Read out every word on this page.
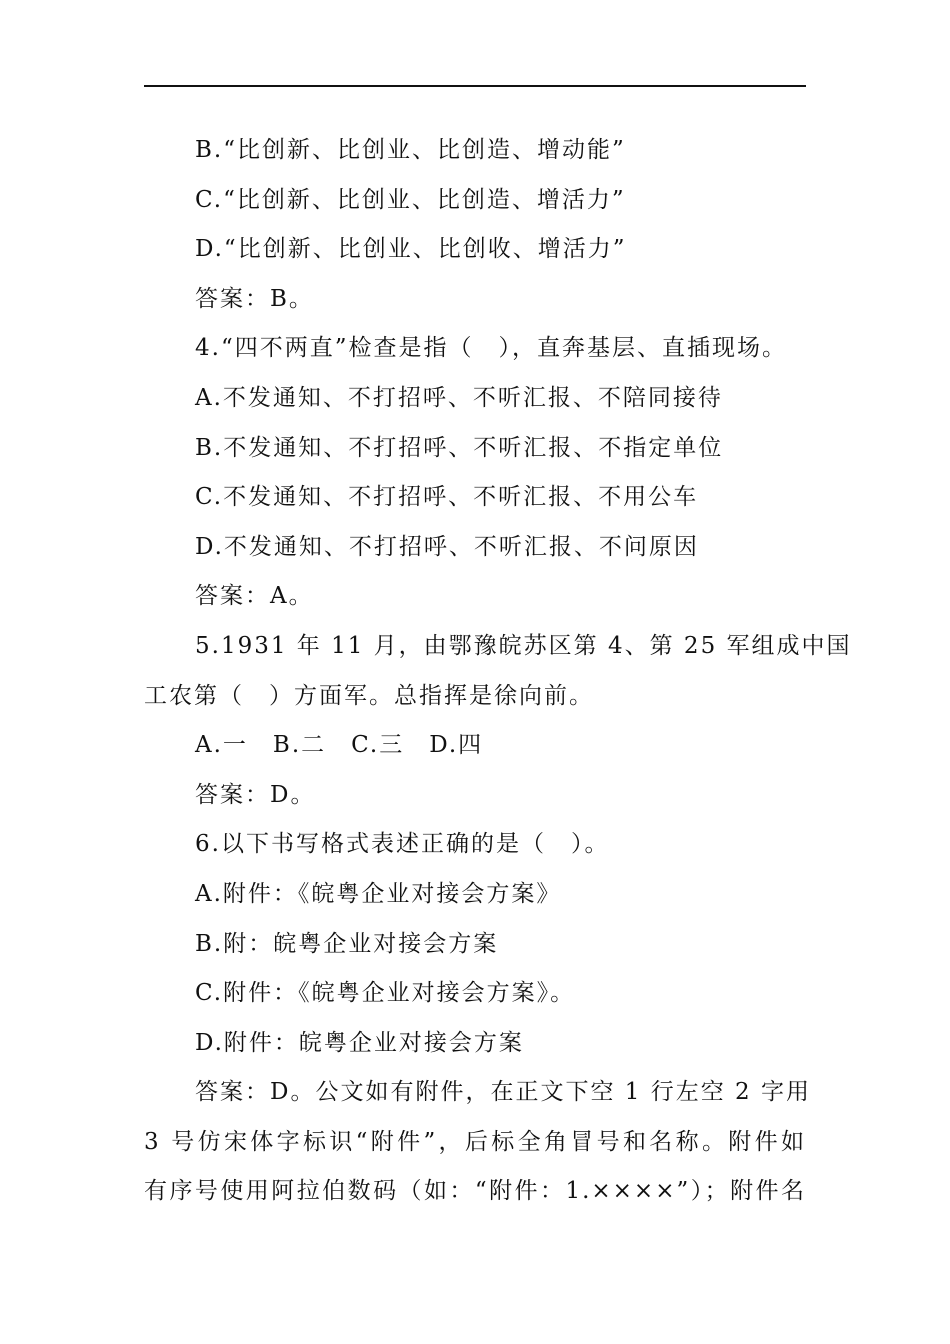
B.“比创新、比创业、比创造、增动能”

C.“比创新、比创业、比创造、增活力”

D.“比创新、比创业、比创收、增活力”

答案：B。

4.“四不两直”检查是指（　），直奔基层、直插现场。

A.不发通知、不打招呼、不听汇报、不陪同接待

B.不发通知、不打招呼、不听汇报、不指定单位

C.不发通知、不打招呼、不听汇报、不用公车

D.不发通知、不打招呼、不听汇报、不问原因

答案：A。

5.1931 年 11 月，由鄂豫皖苏区第 4、第 25 军组成中国

工农第（　）方面军。总指挥是徐向前。

A.一　B.二　C.三　D.四

答案：D。

6.以下书写格式表述正确的是（　）。

A.附件：《皖粤企业对接会方案》

B.附：皖粤企业对接会方案

C.附件：《皖粤企业对接会方案》。

D.附件：皖粤企业对接会方案

答案：D。公文如有附件，在正文下空 1 行左空 2 字用

3 号仿宋体字标识“附件”，后标全角冒号和名称。附件如

有序号使用阿拉伯数码（如：“附件：1.××××”）；附件名
